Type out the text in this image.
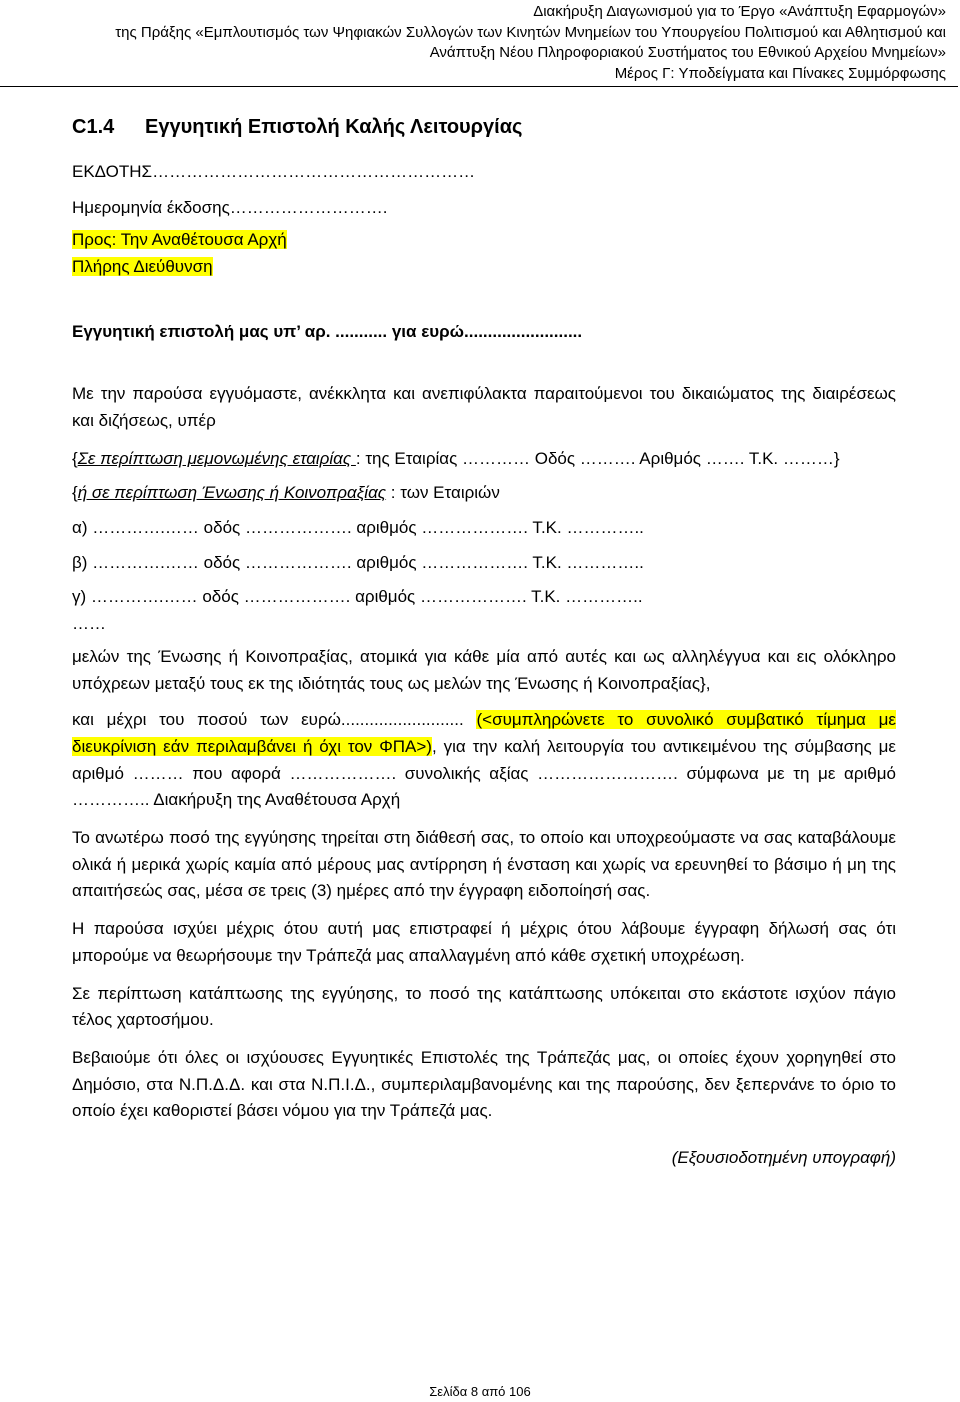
Διακήρυξη Διαγωνισμού για το Έργο «Ανάπτυξη Εφαρμογών»
της Πράξης «Εμπλουτισμός των Ψηφιακών Συλλογών των Κινητών Μνημείων του Υπουργείου Πολιτισμού και Αθλητισμού και
Ανάπτυξη Νέου Πληροφοριακού Συστήματος του Εθνικού Αρχείου Μνημείων»
Μέρος Γ: Υποδείγματα και Πίνακες Συμμόρφωσης
C1.4	Εγγυητική Επιστολή Καλής Λειτουργίας

ΕΚΔΟΤΗΣ…………………………………………………

Ημερομηνία έκδοσης……………………….

Προς: Την Αναθέτουσα Αρχή

Πλήρης Διεύθυνση

Εγγυητική επιστολή μας υπ’ αρ. ........... για ευρώ.........................

Με την παρούσα εγγυόμαστε, ανέκκλητα και ανεπιφύλακτα παραιτούμενοι του δικαιώματος της διαιρέσεως και διζήσεως, υπέρ

{Σε περίπτωση μεμονωμένης εταιρίας : της Εταιρίας ………… Οδός ………. Αριθμός ……. Τ.Κ. ………}

{ή σε περίπτωση Ένωσης ή Κοινοπραξίας : των Εταιριών

α) ………….…… οδός ………………. αριθμός ………………. Τ.Κ. …………..

β) ………….…… οδός ………………. αριθμός ………………. Τ.Κ. …………..

γ) ………….…… οδός ………………. αριθμός ………………. Τ.Κ. …………..

……

μελών της Ένωσης ή Κοινοπραξίας, ατομικά για κάθε μία από αυτές και ως αλληλέγγυα και εις ολόκληρο υπόχρεων μεταξύ τους εκ της ιδιότητάς τους ως μελών της Ένωσης ή Κοινοπραξίας},

και μέχρι του ποσού των ευρώ.......................... (<συμπληρώνετε το συνολικό συμβατικό τίμημα με διευκρίνιση εάν περιλαμβάνει ή όχι τον ΦΠΑ>), για την καλή λειτουργία του αντικειμένου της σύμβασης με αριθμό ……… που αφορά ………………. συνολικής αξίας ……………………. σύμφωνα με τη με αριθμό ………….. Διακήρυξη της Αναθέτουσα Αρχή

Το ανωτέρω ποσό της εγγύησης τηρείται στη διάθεσή σας, το οποίο και υποχρεούμαστε να σας καταβάλουμε ολικά ή μερικά χωρίς καμία από μέρους μας αντίρρηση ή ένσταση και χωρίς να ερευνηθεί το βάσιμο ή μη της απαιτήσεώς σας, μέσα σε τρεις (3) ημέρες από την έγγραφη ειδοποίησή σας.

Η παρούσα ισχύει μέχρις ότου αυτή μας επιστραφεί ή μέχρις ότου λάβουμε έγγραφη δήλωσή σας ότι μπορούμε να θεωρήσουμε την Τράπεζά μας απαλλαγμένη από κάθε σχετική υποχρέωση.

Σε περίπτωση κατάπτωσης της εγγύησης, το ποσό της κατάπτωσης υπόκειται στο εκάστοτε ισχύον πάγιο τέλος χαρτοσήμου.

Βεβαιούμε ότι όλες οι ισχύουσες Εγγυητικές Επιστολές της Τράπεζάς μας, οι οποίες έχουν χορηγηθεί στο Δημόσιο, στα Ν.Π.Δ.Δ. και στα Ν.Π.Ι.Δ., συμπεριλαμβανομένης και της παρούσης, δεν ξεπερνάνε το όριο το οποίο έχει καθοριστεί βάσει νόμου για την Τράπεζά μας.

(Εξουσιοδοτημένη υπογραφή)

Σελίδα 8 από 106
